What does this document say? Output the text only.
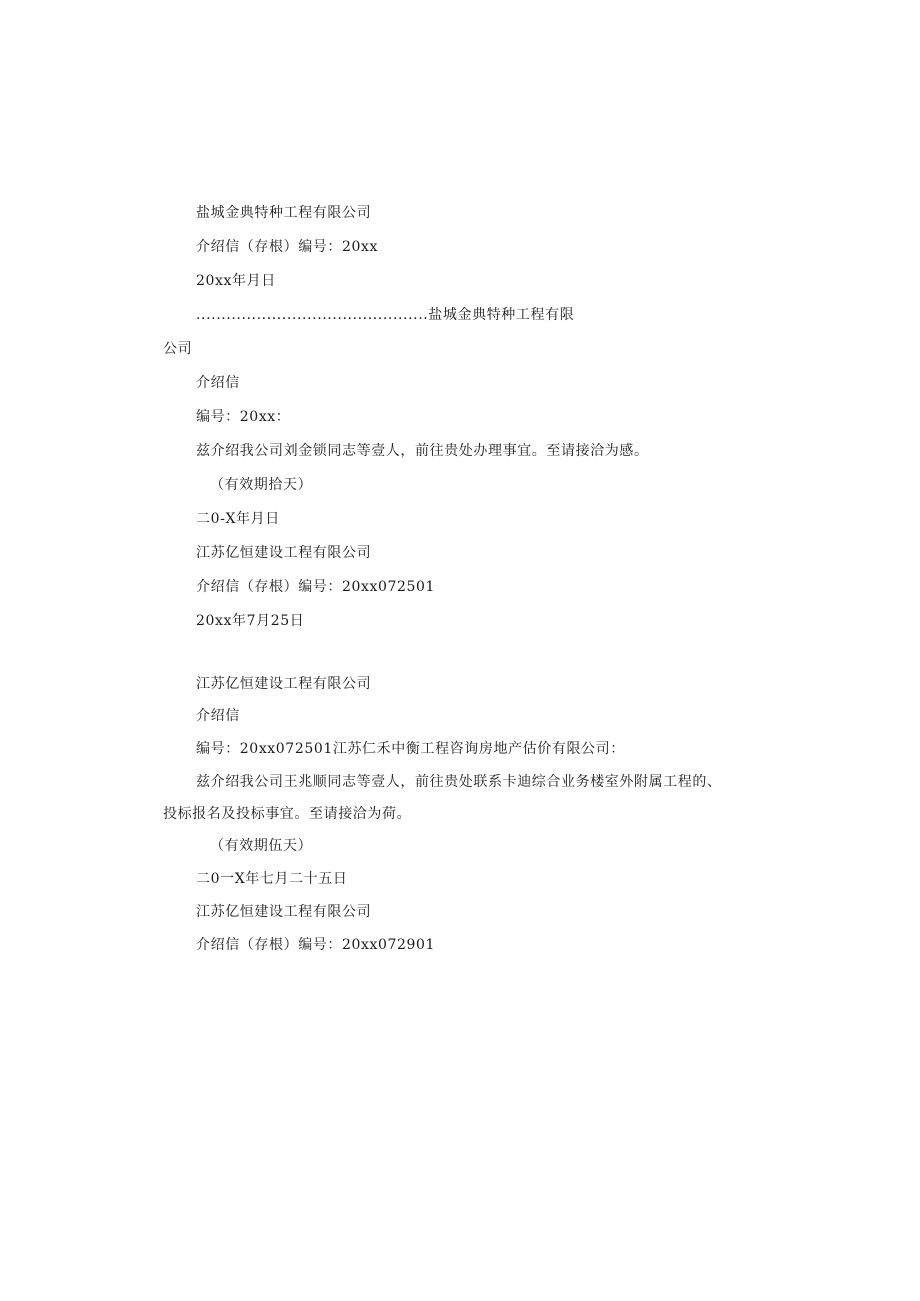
盐城金典特种工程有限公司
介绍信（存根）编号：20xx
20xx年月日
..............................................盐城金典特种工程有限
公司
介绍信
编号：20xx：
兹介绍我公司刘金锁同志等壹人，前往贵处办理事宜。至请接洽为感。
（有效期拾天）
二0-X年月日
江苏亿恒建设工程有限公司
介绍信（存根）编号：20xx072501
20xx年7月25日
江苏亿恒建设工程有限公司
介绍信
编号：20xx072501江苏仁禾中衡工程咨询房地产估价有限公司：
兹介绍我公司王兆顺同志等壹人，前往贵处联系卡迪综合业务楼室外附属工程的、
投标报名及投标事宜。至请接洽为荷。
（有效期伍天）
二0一X年七月二十五日
江苏亿恒建设工程有限公司
介绍信（存根）编号：20xx072901
